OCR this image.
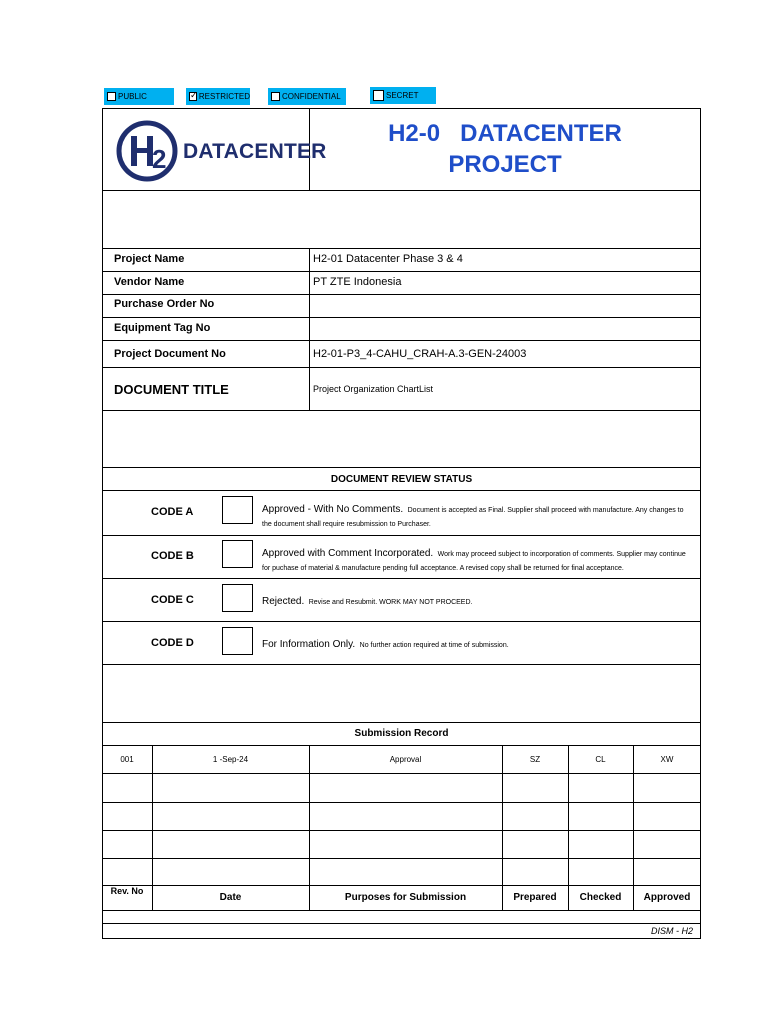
PUBLIC
✓	RESTRICTED	CONFIDENTIAL	SECRET
2 DATACENTER
H2-0   DATACENTER
PROJECT
Project Name	H2-01 Datacenter Phase 3 & 4
Vendor Name	PT ZTE Indonesia
Purchase Order No
Equipment Tag No
Project Document No	H2-01-P3_4-CAHU_CRAH-A.3-GEN-24003
DOCUMENT TITLE	Project Organization ChartList
DOCUMENT REVIEW STATUS
CODE A	Approved - With No Comments. Document is accepted as Final. Supplier shall proceed with manufacture. Any changes to the document shall require resubmission to Purchaser.
CODE B	Approved with Comment Incorporated. Work may proceed subject to incorporation of comments. Supplier may continue for puchase of material & manufacture pending full acceptance. A revised copy shall be returned for final acceptance.
CODE C	Rejected. Revise and Resubmit. WORK MAY NOT PROCEED.
CODE D	For Information Only. No further action required at time of submission.
Submission Record
001	1 -Sep-24	Approval	SZ	CL	XW
Rev. No
Date	Purposes for Submission	Prepared	Checked	Approved
DISM - H2
